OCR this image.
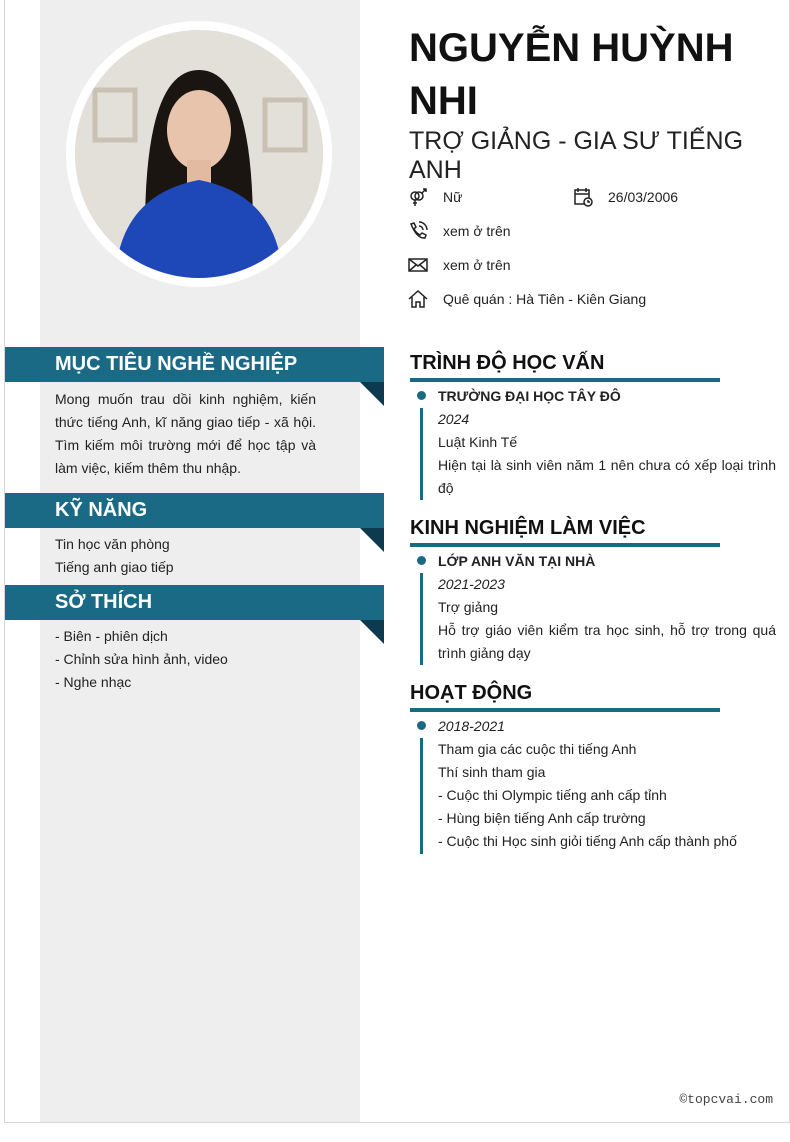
NGUYỄN HUỲNH NHI
TRỢ GIẢNG - GIA SƯ TIẾNG ANH
Nữ	26/03/2006
xem ở trên
xem ở trên
Quê quán : Hà Tiên - Kiên Giang
MỤC TIÊU NGHỀ NGHIỆP
Mong muốn trau dồi kinh nghiệm, kiến thức tiếng Anh, kĩ năng giao tiếp - xã hội. Tìm kiếm môi trường mới để học tập và làm việc, kiếm thêm thu nhập.
KỸ NĂNG
Tin học văn phòng
Tiếng anh giao tiếp
SỞ THÍCH
- Biên - phiên dịch
- Chỉnh sửa hình ảnh, video
- Nghe nhạc
TRÌNH ĐỘ HỌC VẤN
TRƯỜNG ĐẠI HỌC TÂY ĐÔ
2024
Luật Kinh Tế
Hiện tại là sinh viên năm 1 nên chưa có xếp loại trình độ
KINH NGHIỆM LÀM VIỆC
LỚP ANH VĂN TẠI NHÀ
2021-2023
Trợ giảng
Hỗ trợ giáo viên kiểm tra học sinh, hỗ trợ trong quá trình giảng dạy
HOẠT ĐỘNG
2018-2021
Tham gia các cuộc thi tiếng Anh
Thí sinh tham gia
- Cuộc thi Olympic tiếng anh cấp tỉnh
- Hùng biện tiếng Anh cấp trường
- Cuộc thi Học sinh giỏi tiếng Anh cấp thành phố
©topcvai.com
